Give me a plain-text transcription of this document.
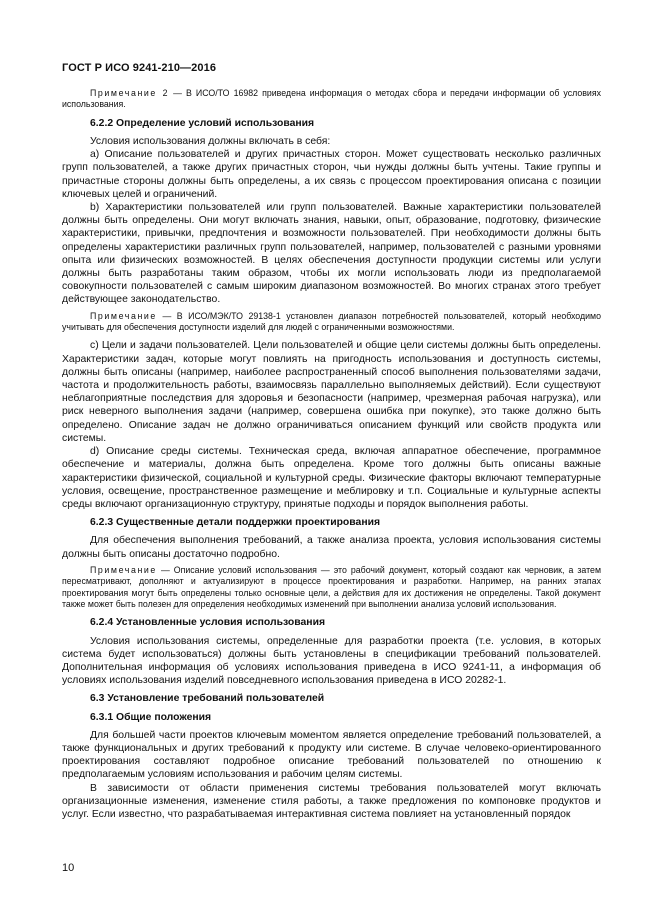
ГОСТ Р ИСО 9241-210—2016

Примечание 2 — В ИСО/ТО 16982 приведена информация о методах сбора и передачи информации об условиях использования.

6.2.2 Определение условий использования

Условия использования должны включать в себя:

а) Описание пользователей и других причастных сторон. Может существовать несколько различных групп пользователей, а также других причастных сторон, чьи нужды должны быть учтены. Такие группы и причастные стороны должны быть определены, а их связь с процессом проектирования описана с позиции ключевых целей и ограничений.

b) Характеристики пользователей или групп пользователей. Важные характеристики пользователей должны быть определены. Они могут включать знания, навыки, опыт, образование, подготовку, физические характеристики, привычки, предпочтения и возможности пользователей. При необходимости должны быть определены характеристики различных групп пользователей, например, пользователей с разными уровнями опыта или физических возможностей. В целях обеспечения доступности продукции системы или услуги должны быть разработаны таким образом, чтобы их могли использовать люди из предполагаемой совокупности пользователей с самым широким диапазоном возможностей. Во многих странах этого требует действующее законодательство.

Примечание — В ИСО/МЭК/ТО 29138-1 установлен диапазон потребностей пользователей, который необходимо учитывать для обеспечения доступности изделий для людей с ограниченными возможностями.

c) Цели и задачи пользователей. Цели пользователей и общие цели системы должны быть определены. Характеристики задач, которые могут повлиять на пригодность использования и доступность системы, должны быть описаны (например, наиболее распространенный способ выполнения пользователями задачи, частота и продолжительность работы, взаимосвязь параллельно выполняемых действий). Если существуют неблагоприятные последствия для здоровья и безопасности (например, чрезмерная рабочая нагрузка), или риск неверного выполнения задачи (например, совершена ошибка при покупке), это также должно быть определено. Описание задач не должно ограничиваться описанием функций или свойств продукта или системы.

d) Описание среды системы. Техническая среда, включая аппаратное обеспечение, программное обеспечение и материалы, должна быть определена. Кроме того должны быть описаны важные характеристики физической, социальной и культурной среды. Физические факторы включают температурные условия, освещение, пространственное размещение и меблировку и т.п. Социальные и культурные аспекты среды включают организационную структуру, принятые подходы и порядок выполнения работы.

6.2.3 Существенные детали поддержки проектирования

Для обеспечения выполнения требований, а также анализа проекта, условия использования системы должны быть описаны достаточно подробно.

Примечание — Описание условий использования — это рабочий документ, который создают как черновик, а затем пересматривают, дополняют и актуализируют в процессе проектирования и разработки. Например, на ранних этапах проектирования могут быть определены только основные цели, а действия для их достижения не определены. Такой документ также может быть полезен для определения необходимых изменений при выполнении анализа условий использования.

6.2.4 Установленные условия использования

Условия использования системы, определенные для разработки проекта (т.е. условия, в которых система будет использоваться) должны быть установлены в спецификации требований пользователей. Дополнительная информация об условиях использования приведена в ИСО 9241-11, а информация об условиях использования изделий повседневного использования приведена в ИСО 20282-1.

6.3 Установление требований пользователей
6.3.1 Общие положения

Для большей части проектов ключевым моментом является определение требований пользователей, а также функциональных и других требований к продукту или системе. В случае человеко-ориентированного проектирования составляют подробное описание требований пользователей по отношению к предполагаемым условиям использования и рабочим целям системы.

В зависимости от области применения системы требования пользователей могут включать организационные изменения, изменение стиля работы, а также предложения по компоновке продуктов и услуг. Если известно, что разрабатываемая интерактивная система повлияет на установленный порядок

10
